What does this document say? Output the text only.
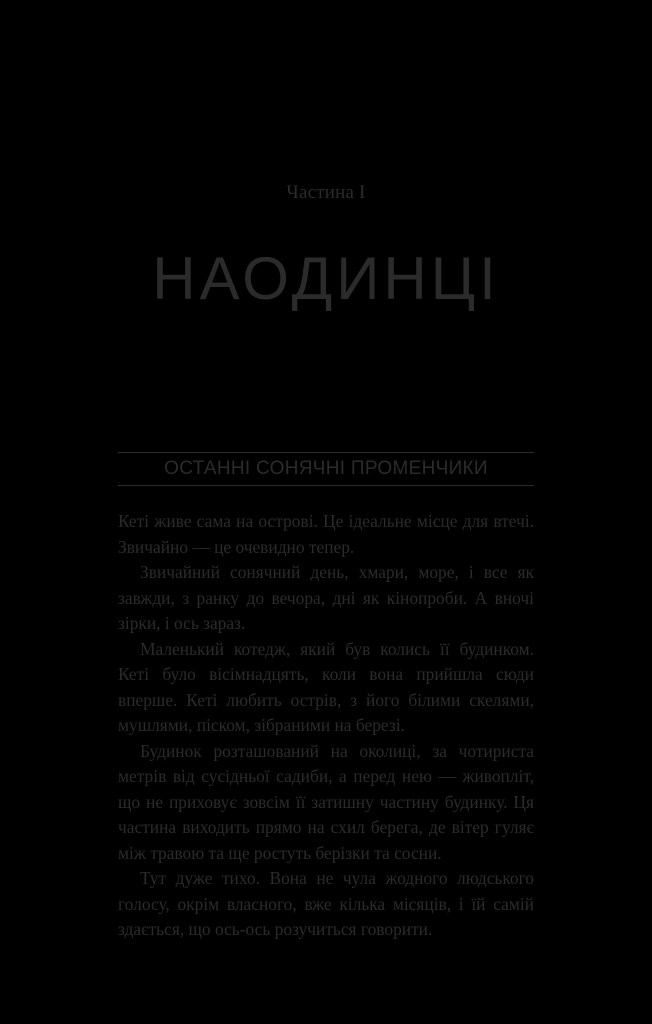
Частина І
НАОДИНЦІ
ОСТАННІ СОНЯЧНІ ПРОМЕНЧИКИ

Кеті живе сама на острові. Це ідеальне місце для втечі. Звичайно — це очевидно тепер.

Звичайний сонячний день, хмари, море, і все як завжди, з ранку до вечора, дні як кінопроби. А вночі зірки, і ось зараз.

Маленький котедж, який був колись її будинком. Кеті було вісімнадцять, коли вона прийшла сюди вперше. Кеті любить острів, з його білими скелями, мушлями, піском, зібраними на березі.

Будинок розташований на околиці, за чотириста метрів від сусідньої садиби, а перед нею — живопліт, що не приховує зовсім її затишну частину будинку. Ця частина виходить прямо на схил берега, де вітер гуляє між травою та ще ростуть берізки та сосни.

Тут дуже тихо. Вона не чула жодного людського голосу, окрім власного, вже кілька місяців, і їй самій здається, що ось-ось розучиться говорити.
